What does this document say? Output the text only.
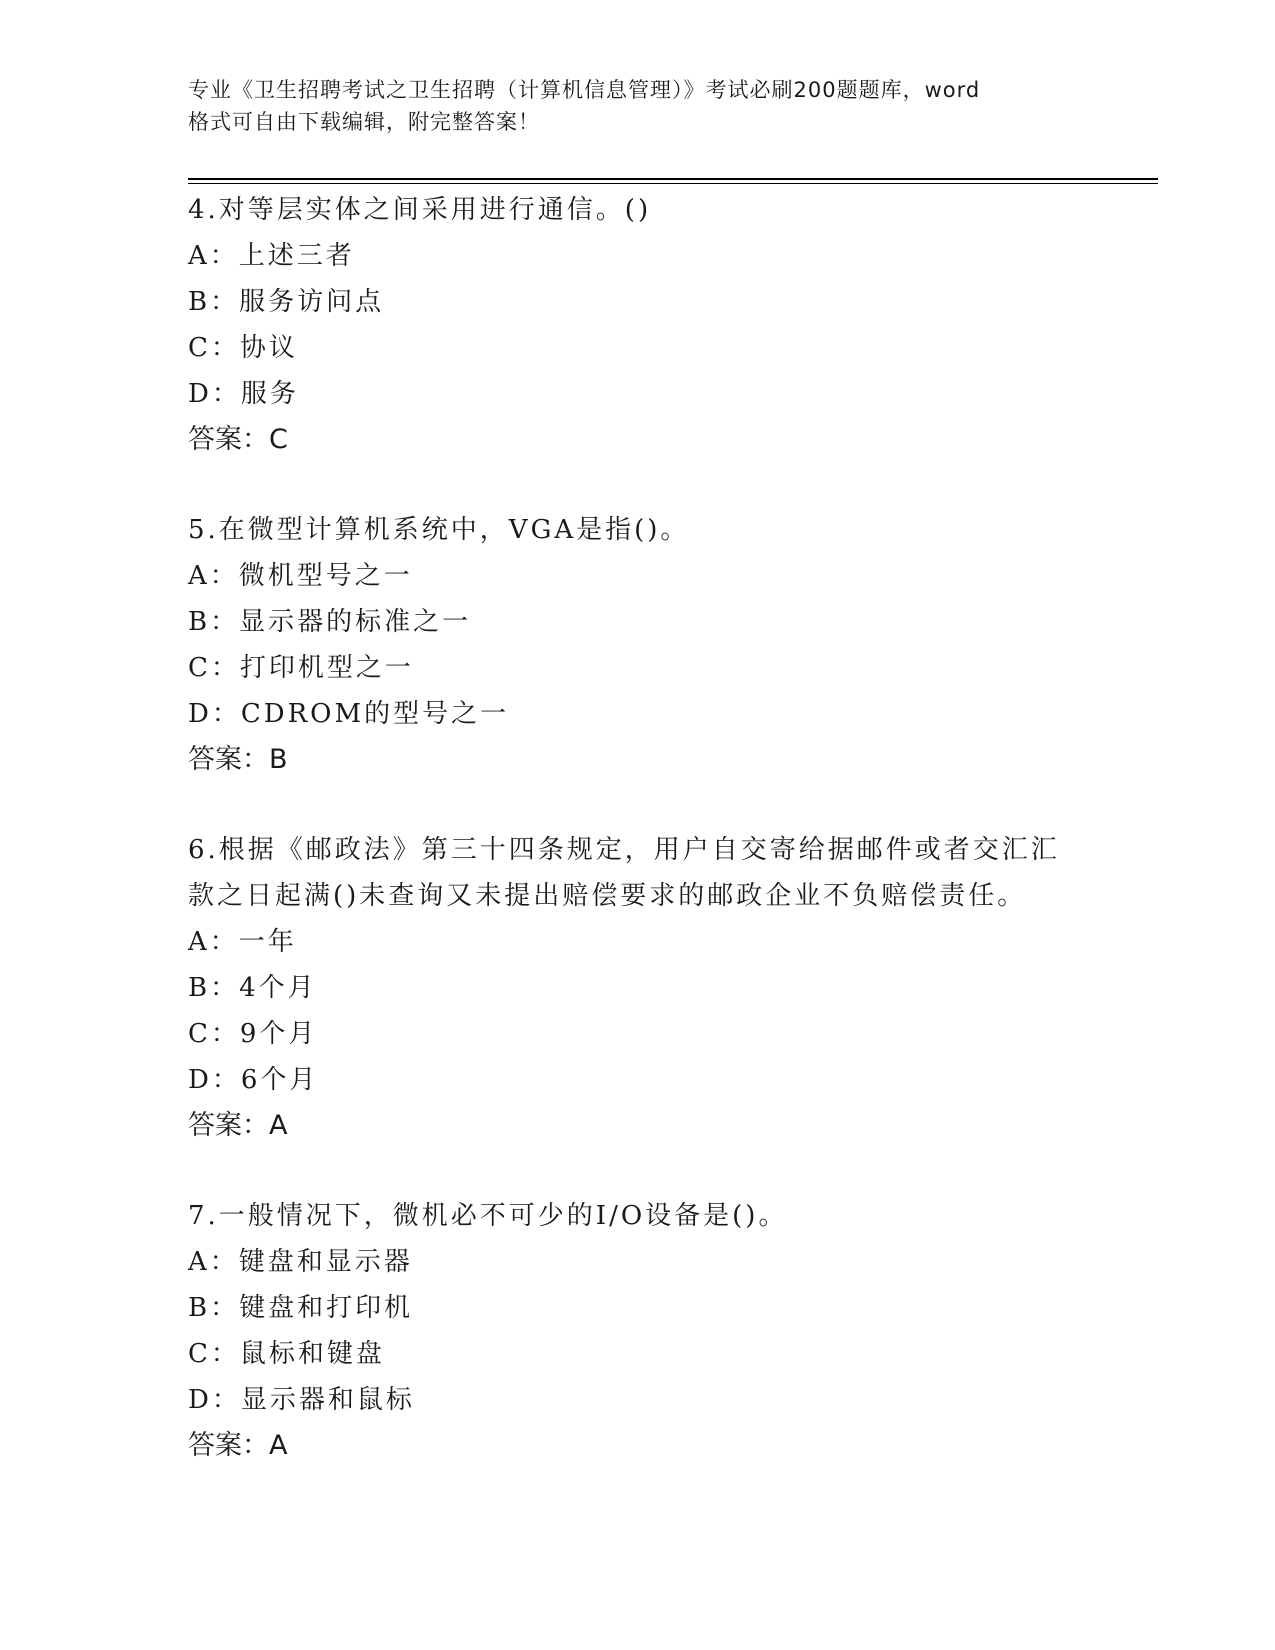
专业《卫生招聘考试之卫生招聘（计算机信息管理）》考试必刷200题题库，word
格式可自由下载编辑，附完整答案！
4.对等层实体之间采用进行通信。()
A：上述三者
B：服务访问点
C：协议
D：服务
答案：C
5.在微型计算机系统中，VGA是指()。
A：微机型号之一
B：显示器的标准之一
C：打印机型之一
D：CDROM的型号之一
答案：B
6.根据《邮政法》第三十四条规定，用户自交寄给据邮件或者交汇汇
款之日起满()未查询又未提出赔偿要求的邮政企业不负赔偿责任。
A：一年
B：4个月
C：9个月
D：6个月
答案：A
7.一般情况下，微机必不可少的I/O设备是()。
A：键盘和显示器
B：键盘和打印机
C：鼠标和键盘
D：显示器和鼠标
答案：A
